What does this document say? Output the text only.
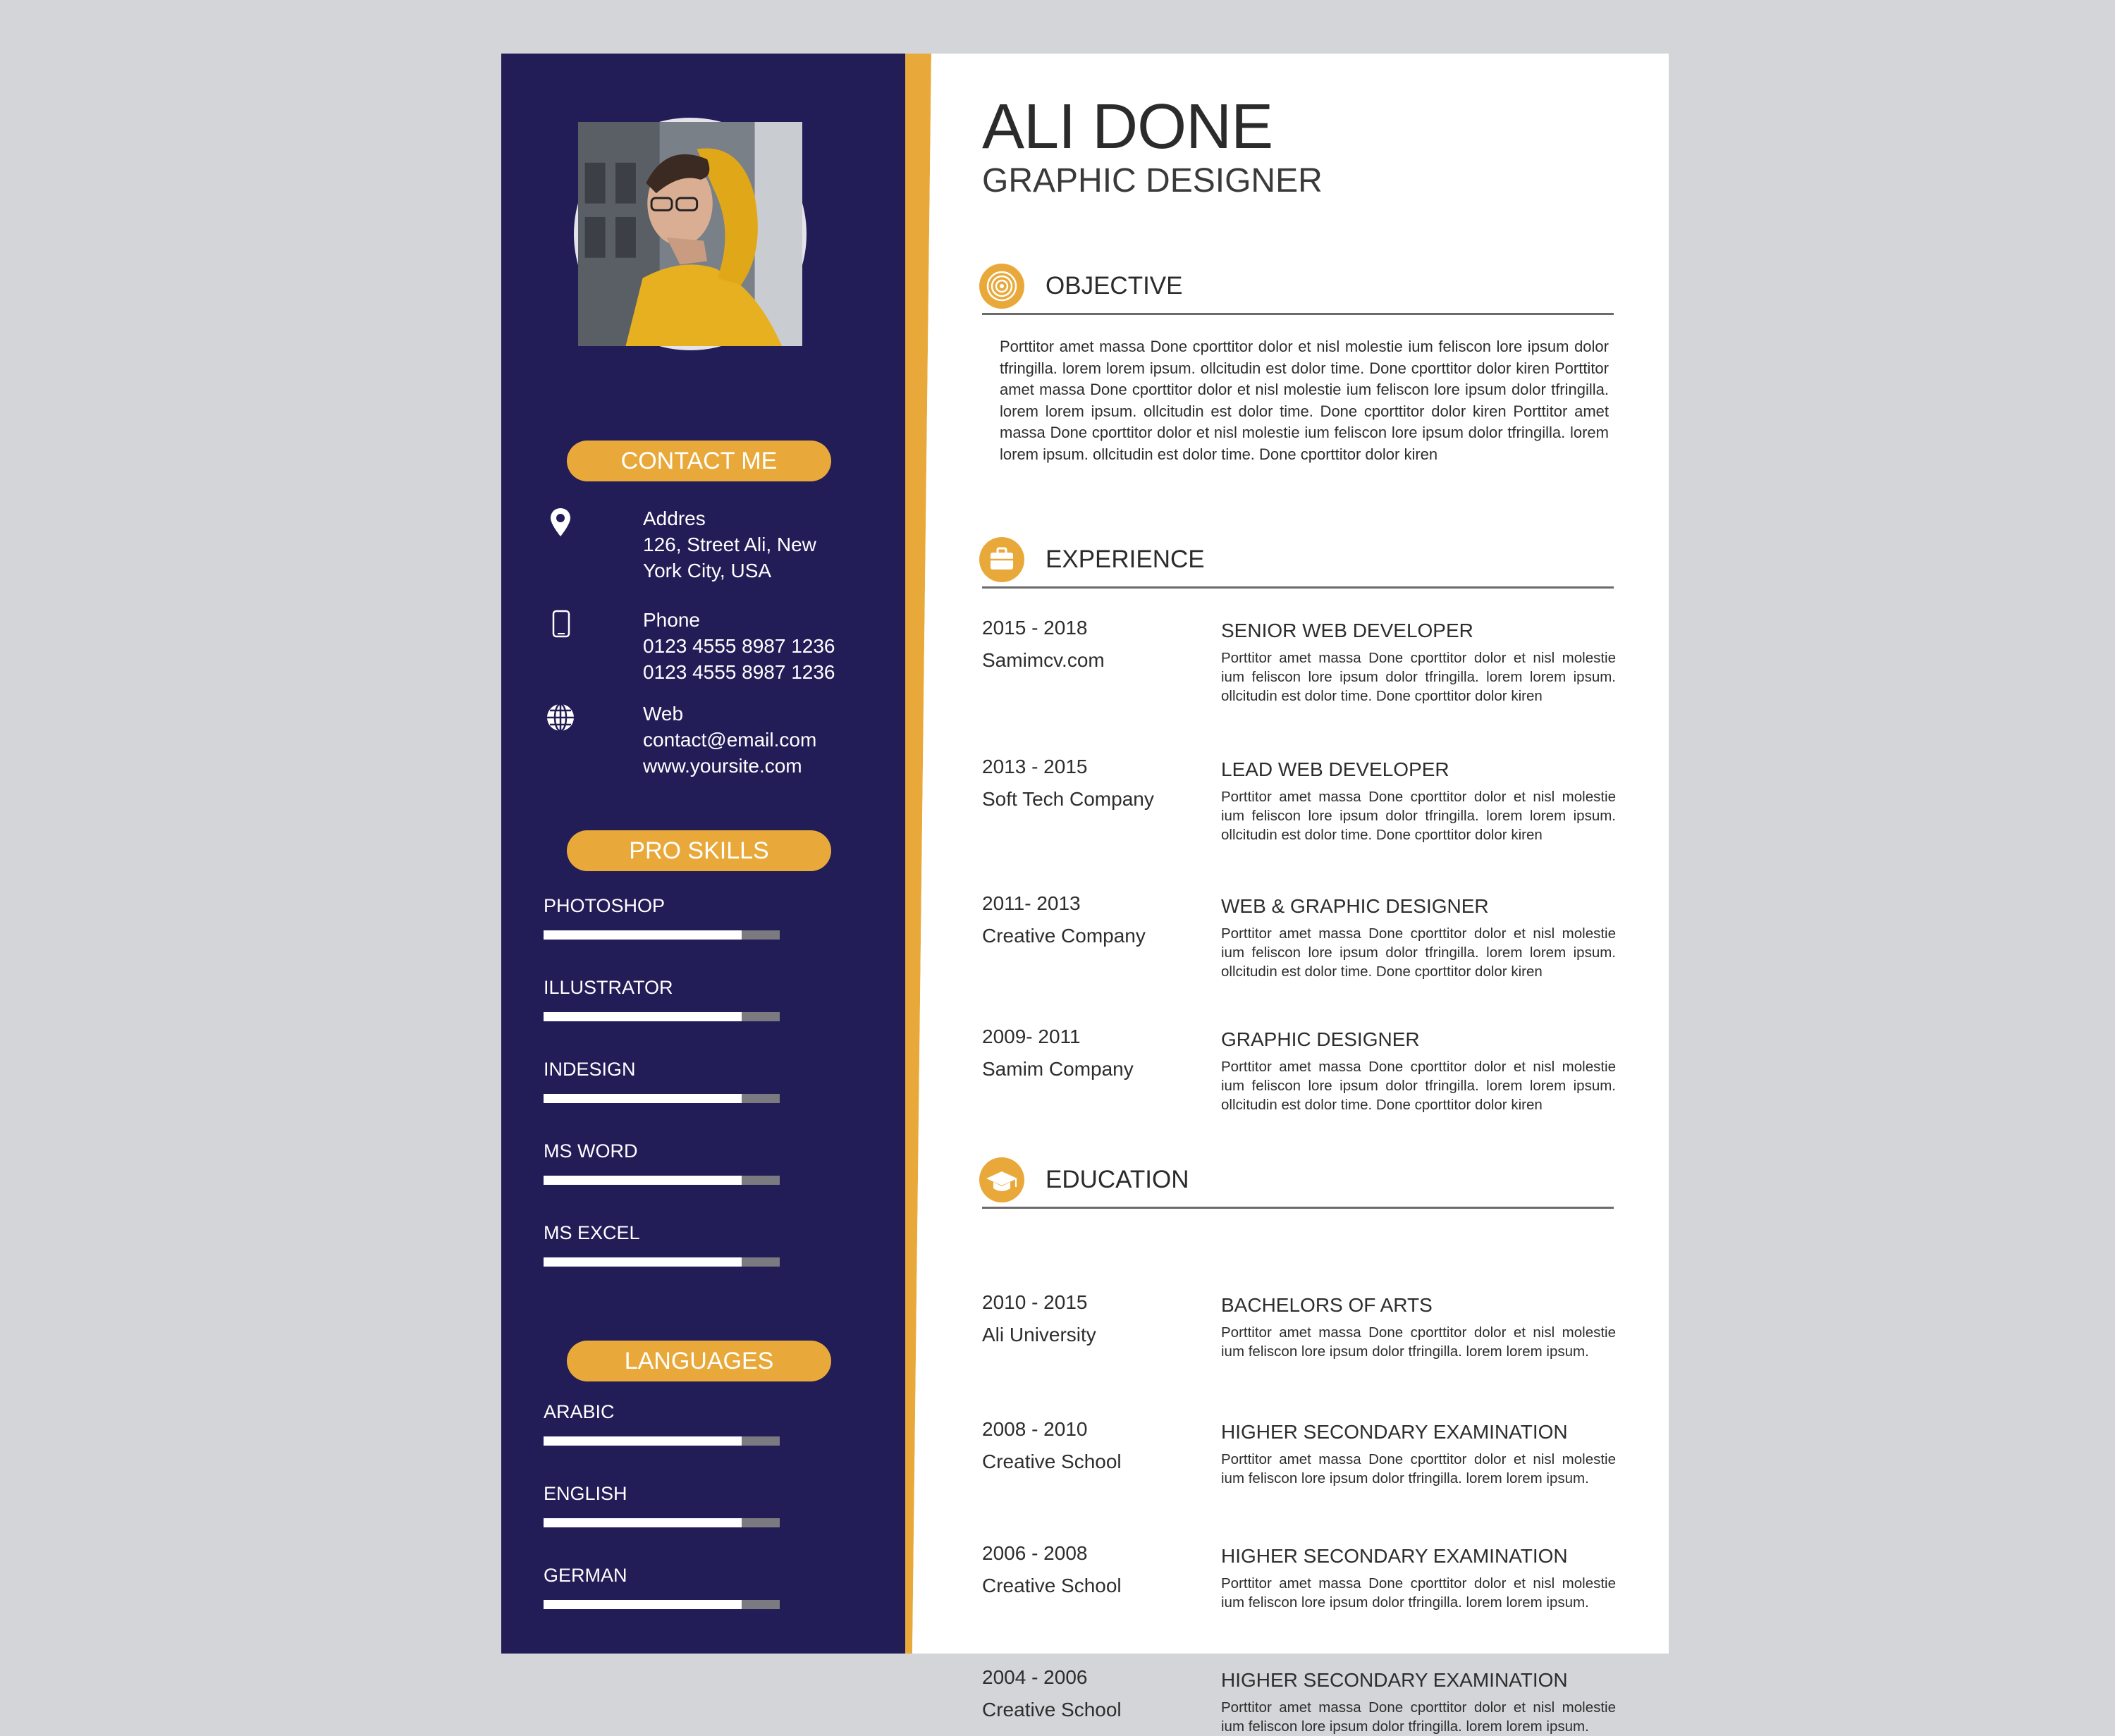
CONTACT ME
Addres
126, Street Ali, New
York City, USA
Phone
0123 4555 8987 1236
0123 4555 8987 1236
Web
contact@email.com
www.yoursite.com
PRO SKILLS
PHOTOSHOP
ILLUSTRATOR
INDESIGN
MS WORD
MS EXCEL
LANGUAGES
ARABIC
ENGLISH
GERMAN
ALI DONE
GRAPHIC DESIGNER
OBJECTIVE
Porttitor amet massa Done cporttitor dolor et nisl molestie ium feliscon lore ipsum dolor tfringilla. lorem lorem ipsum. ollcitudin est dolor time. Done cporttitor dolor kiren Porttitor amet massa Done cporttitor dolor et nisl molestie ium feliscon lore ipsum dolor tfringilla. lorem lorem ipsum. ollcitudin est dolor time. Done cporttitor dolor kiren Porttitor amet massa Done cporttitor dolor et nisl molestie ium feliscon lore ipsum dolor tfringilla. lorem lorem ipsum. ollcitudin est dolor time. Done cporttitor dolor kiren
EXPERIENCE
2015 - 2018
Samimcv.com
SENIOR WEB DEVELOPER
Porttitor amet massa Done cporttitor dolor et nisl molestie ium feliscon lore ipsum dolor tfringilla. lorem lorem ipsum. ollcitudin est dolor time. Done cporttitor dolor kiren
2013 - 2015
Soft Tech Company
LEAD WEB DEVELOPER
Porttitor amet massa Done cporttitor dolor et nisl molestie ium feliscon lore ipsum dolor tfringilla. lorem lorem ipsum. ollcitudin est dolor time. Done cporttitor dolor kiren
2011- 2013
Creative Company
WEB & GRAPHIC DESIGNER
Porttitor amet massa Done cporttitor dolor et nisl molestie ium feliscon lore ipsum dolor tfringilla. lorem lorem ipsum. ollcitudin est dolor time. Done cporttitor dolor kiren
2009- 2011
Samim Company
GRAPHIC DESIGNER
Porttitor amet massa Done cporttitor dolor et nisl molestie ium feliscon lore ipsum dolor tfringilla. lorem lorem ipsum. ollcitudin est dolor time. Done cporttitor dolor kiren
EDUCATION
2010 - 2015
Ali University
BACHELORS OF ARTS
Porttitor amet massa Done cporttitor dolor et nisl molestie ium feliscon lore ipsum dolor tfringilla. lorem lorem ipsum.
2008 - 2010
Creative School
HIGHER SECONDARY EXAMINATION
Porttitor amet massa Done cporttitor dolor et nisl molestie ium feliscon lore ipsum dolor tfringilla. lorem lorem ipsum.
2006 - 2008
Creative School
HIGHER SECONDARY EXAMINATION
Porttitor amet massa Done cporttitor dolor et nisl molestie ium feliscon lore ipsum dolor tfringilla. lorem lorem ipsum.
2004 - 2006
Creative School
HIGHER SECONDARY EXAMINATION
Porttitor amet massa Done cporttitor dolor et nisl molestie ium feliscon lore ipsum dolor tfringilla. lorem lorem ipsum.
